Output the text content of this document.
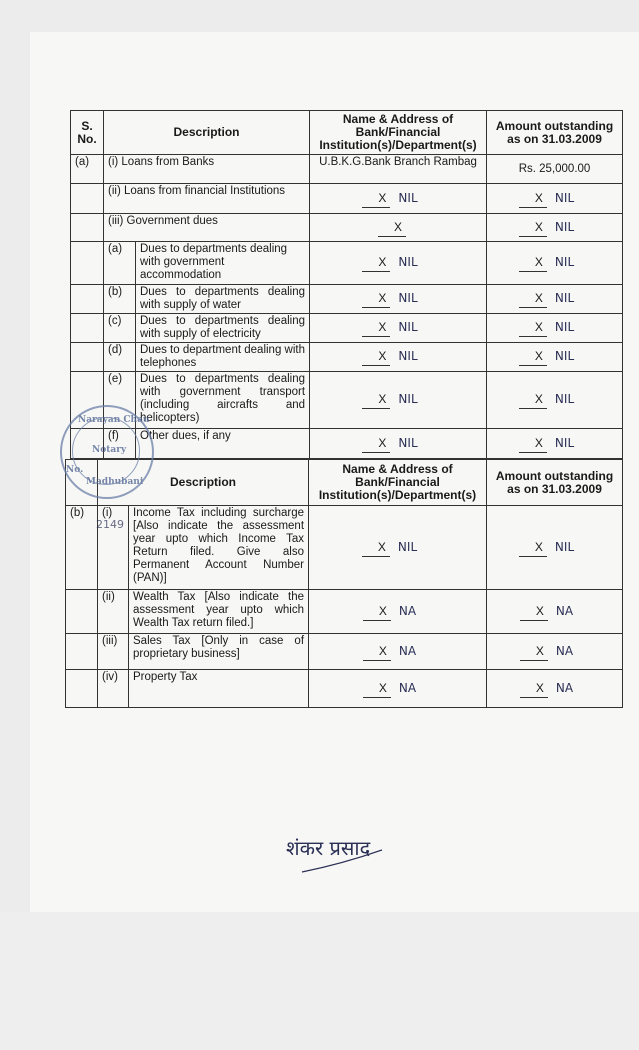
S. No.	Description		Name & Address of Bank/Financial Institution(s)/Department(s)	Amount outstanding as on 31.03.2009
(a)	(i) Loans from Banks		U.B.K.G.Bank Branch Rambag	Rs. 25,000.00
	(ii) Loans from financial Institutions		X NIL	X NIL
	(iii) Government dues		X	X NIL
	(a)	Dues to departments dealing with government accommodation	X NIL	X NIL
	(b)	Dues to departments dealing with supply of water	X NIL	X NIL
	(c)	Dues to departments dealing with supply of electricity	X NIL	X NIL
	(d)	Dues to department dealing with telephones	X NIL	X NIL
	(e)	Dues to departments dealing with government transport (including aircrafts and helicopters)	X NIL	X NIL
	(f)	Other dues, if any	X NIL	X NIL
	Description		Name & Address of Bank/Financial Institution(s)/Department(s)	Amount outstanding as on 31.03.2009
(b)	(i)	Income Tax including surcharge [Also indicate the assessment year upto which Income Tax Return filed. Give also Permanent Account Number (PAN)]	X NIL	X NIL
	(ii)	Wealth Tax [Also indicate the assessment year upto which Wealth Tax return filed.]	X NA	X NA
	(iii)	Sales Tax [Only in case of proprietary business]	X NA	X NA
	(iv)	Property Tax	X NA	X NA
Narayan Chau
Notary
No.
Madhubani
2149
शंकर प्रसाद
